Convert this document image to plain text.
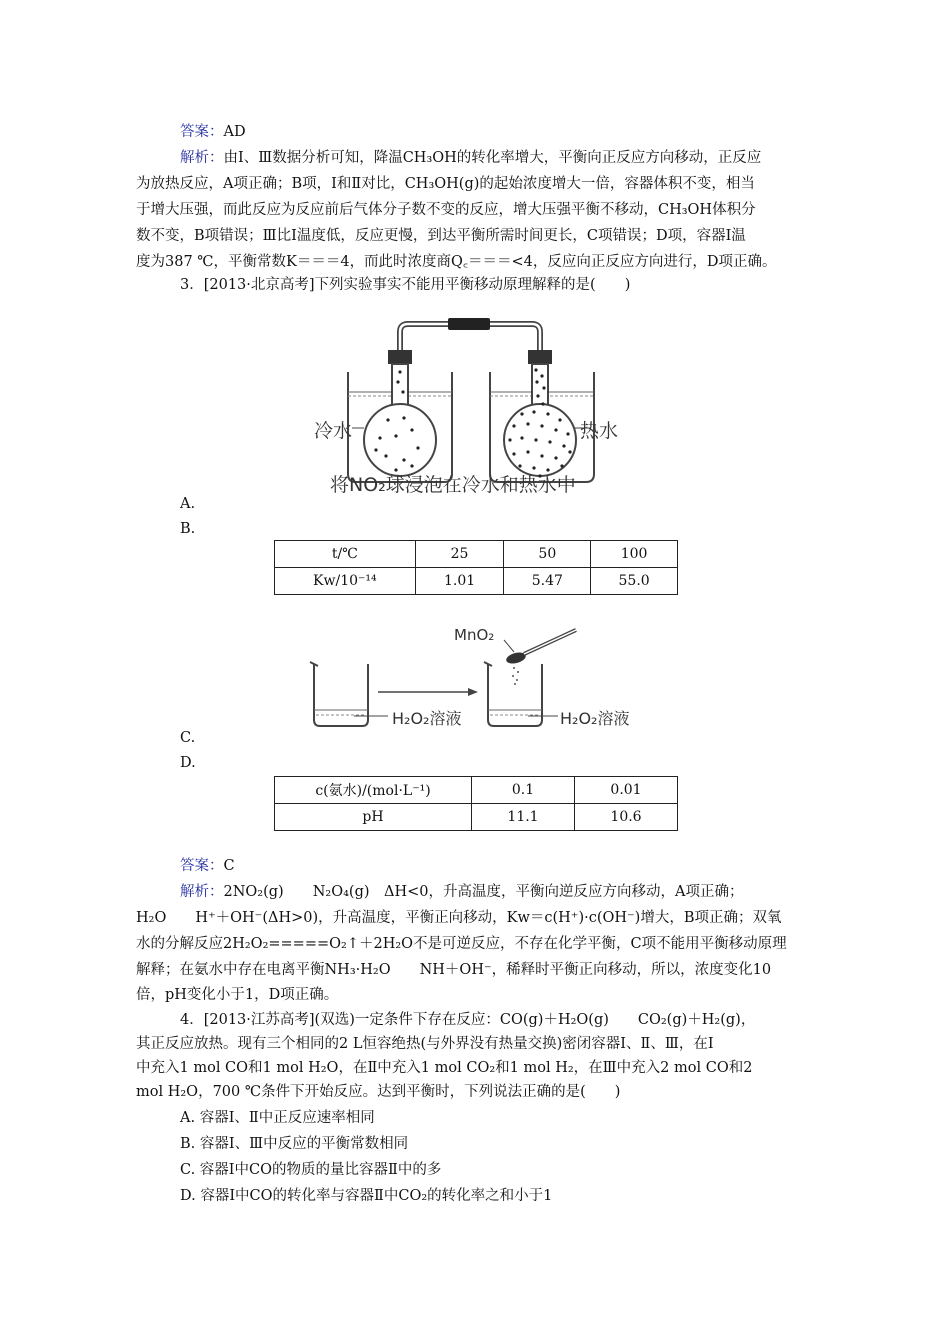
答案：AD
解析：由Ⅰ、Ⅲ数据分析可知，降温CH₃OH的转化率增大，平衡向正反应方向移动，正反应
为放热反应，A项正确；B项，Ⅰ和Ⅱ对比，CH₃OH(g)的起始浓度增大一倍，容器体积不变，相当
于增大压强，而此反应为反应前后气体分子数不变的反应，增大压强平衡不移动，CH₃OH体积分
数不变，B项错误；Ⅲ比Ⅰ温度低，反应更慢，到达平衡所需时间更长，C项错误；D项，容器Ⅰ温
度为387 ℃，平衡常数K＝＝＝4，而此时浓度商Q꜀＝＝＝<4，反应向正反应方向进行，D项正确。
3．[2013·北京高考]下列实验事实不能用平衡移动原理解释的是(　　)
冷水	热水
将NO₂球浸泡在冷水和热水中
A.
B.
t/℃	25	50	100
Kw/10⁻¹⁴	1.01	5.47	55.0
MnO₂
H₂O₂溶液	H₂O₂溶液
C.
D.
c(氨水)/(mol·L⁻¹)	0.1	0.01
pH	11.1	10.6
答案：C
解析：2NO₂(g)　　N₂O₄(g)　ΔH<0，升高温度，平衡向逆反应方向移动，A项正确；
H₂O　　H⁺＋OH⁻(ΔH>0)，升高温度，平衡正向移动，Kw＝c(H⁺)·c(OH⁻)增大，B项正确；双氧
水的分解反应2H₂O₂=====O₂↑＋2H₂O不是可逆反应，不存在化学平衡，C项不能用平衡移动原理
解释；在氨水中存在电离平衡NH₃·H₂O　　NH＋OH⁻，稀释时平衡正向移动，所以，浓度变化10
倍，pH变化小于1，D项正确。
4．[2013·江苏高考](双选)一定条件下存在反应：CO(g)＋H₂O(g)　　CO₂(g)＋H₂(g)，
其正反应放热。现有三个相同的2 L恒容绝热(与外界没有热量交换)密闭容器Ⅰ、Ⅱ、Ⅲ，在Ⅰ
中充入1 mol CO和1 mol H₂O，在Ⅱ中充入1 mol CO₂和1 mol H₂，在Ⅲ中充入2 mol CO和2
mol H₂O，700 ℃条件下开始反应。达到平衡时，下列说法正确的是(　　)
A. 容器Ⅰ、Ⅱ中正反应速率相同
B. 容器Ⅰ、Ⅲ中反应的平衡常数相同
C. 容器Ⅰ中CO的物质的量比容器Ⅱ中的多
D. 容器Ⅰ中CO的转化率与容器Ⅱ中CO₂的转化率之和小于1
